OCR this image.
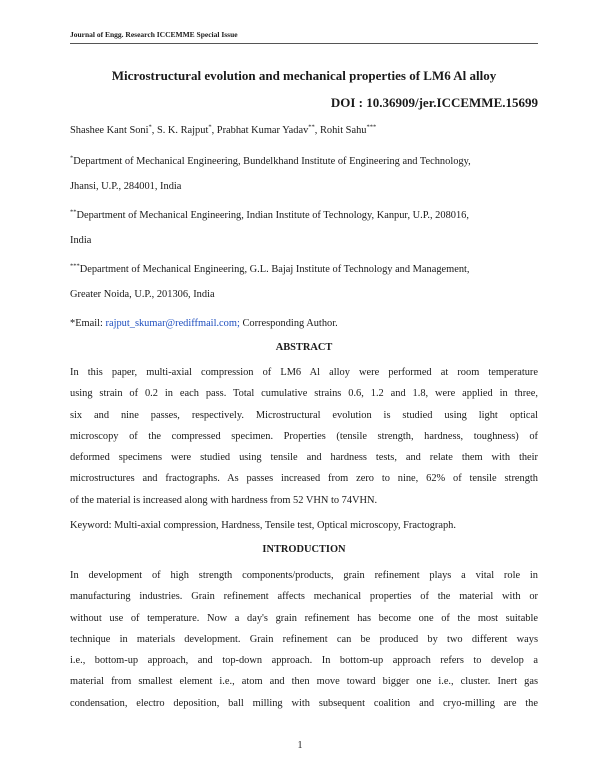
Journal of Engg. Research ICCEMME Special Issue
Microstructural evolution and mechanical properties of LM6 Al alloy
DOI : 10.36909/jer.ICCEMME.15699
Shashee Kant Soni*, S. K. Rajput*, Prabhat Kumar Yadav**, Rohit Sahu***
*Department of Mechanical Engineering, Bundelkhand Institute of Engineering and Technology,
Jhansi, U.P., 284001, India
**Department of Mechanical Engineering, Indian Institute of Technology, Kanpur, U.P., 208016,
India
***Department of Mechanical Engineering, G.L. Bajaj Institute of Technology and Management,
Greater Noida, U.P., 201306, India
*Email: rajput_skumar@rediffmail.com; Corresponding Author.
ABSTRACT
In this paper, multi-axial compression of LM6 Al alloy were performed at room temperature
using strain of 0.2 in each pass. Total cumulative strains 0.6, 1.2 and 1.8, were applied in three,
six and nine passes, respectively. Microstructural evolution is studied using light optical
microscopy of the compressed specimen. Properties (tensile strength, hardness, toughness) of
deformed specimens were studied using tensile and hardness tests, and relate them with their
microstructures and fractographs. As passes increased from zero to nine, 62% of tensile strength
of the material is increased along with hardness from 52 VHN to 74VHN.
Keyword: Multi-axial compression, Hardness, Tensile test, Optical microscopy, Fractograph.
INTRODUCTION
In development of high strength components/products, grain refinement plays a vital role in
manufacturing industries. Grain refinement affects mechanical properties of the material with or
without use of temperature. Now a day's grain refinement has become one of the most suitable
technique in materials development. Grain refinement can be produced by two different ways
i.e., bottom-up approach, and top-down approach. In bottom-up approach refers to develop a
material from smallest element i.e., atom and then move toward bigger one i.e., cluster. Inert gas
condensation, electro deposition, ball milling with subsequent coalition and cryo-milling are the
1
